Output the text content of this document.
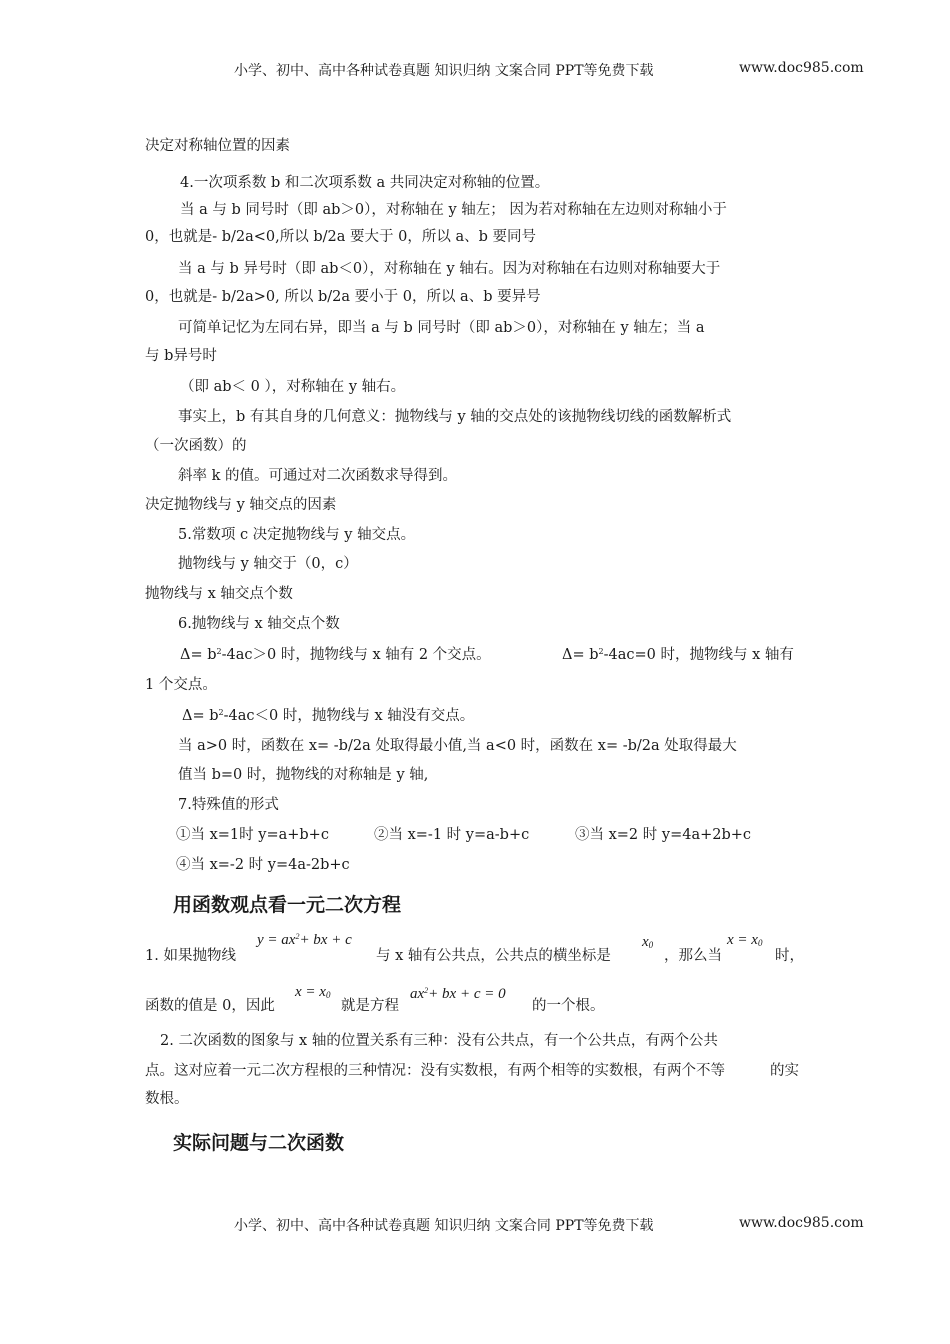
小学、初中、高中各种试卷真题 知识归纳 文案合同 PPT等免费下载	www.doc985.com
决定对称轴位置的因素
4.一次项系数 b 和二次项系数 a 共同决定对称轴的位置。
当 a 与 b 同号时（即 ab＞0），对称轴在 y 轴左； 因为若对称轴在左边则对称轴小于
0，也就是- b/2a<0,所以 b/2a 要大于 0，所以 a、b 要同号
当 a 与 b 异号时（即 ab＜0），对称轴在 y 轴右。因为对称轴在右边则对称轴要大于
0，也就是- b/2a>0, 所以 b/2a 要小于 0，所以 a、b 要异号
可简单记忆为左同右异，即当 a 与 b 同号时（即 ab＞0），对称轴在 y 轴左；当 a
与 b异号时
（即 ab＜ 0 ），对称轴在 y 轴右。
事实上，b 有其自身的几何意义：抛物线与 y 轴的交点处的该抛物线切线的函数解析式
（一次函数）的
斜率 k 的值。可通过对二次函数求导得到。
决定抛物线与 y 轴交点的因素
5.常数项 c 决定抛物线与 y 轴交点。
抛物线与 y 轴交于（0，c）
抛物线与 x 轴交点个数
6.抛物线与 x 轴交点个数
$\Delta= b^2-4ac>0$ 时，抛物线与 x 轴有 2 个交点。	$\Delta= b^2-4ac=0$ 时，抛物线与 x 轴有
1 个交点。
$\Delta= b^2-4ac<0$ 时，抛物线与 x 轴没有交点。
当 a>0 时，函数在 x= -b/2a 处取得最小值,当 a<0 时，函数在 x= -b/2a 处取得最大
值当 b=0 时，抛物线的对称轴是 y 轴,
7.特殊值的形式
①当 x=1时 y=a+b+c	②当 x=-1 时 y=a-b+c	③当 x=2 时 y=4a+2b+c
④当 x=-2 时 y=4a-2b+c
用函数观点看一元二次方程
1. 如果抛物线
$y = ax^2+$ bx + c
与 x 轴有公共点，公共点的横坐标是
$x_0$
，那么当
$x = x_0$
时，
函数的值是 0，因此
$x = x_0$
就是方程
$ax^2+$ bx + c = 0
的一个根。
2. 二次函数的图象与 x 轴的位置关系有三种：没有公共点，有一个公共点，有两个公共
点。这对应着一元二次方程根的三种情况：没有实数根，有两个相等的实数根，有两个不等	的实
数根。
实际问题与二次函数
小学、初中、高中各种试卷真题 知识归纳 文案合同 PPT等免费下载	www.doc985.com
